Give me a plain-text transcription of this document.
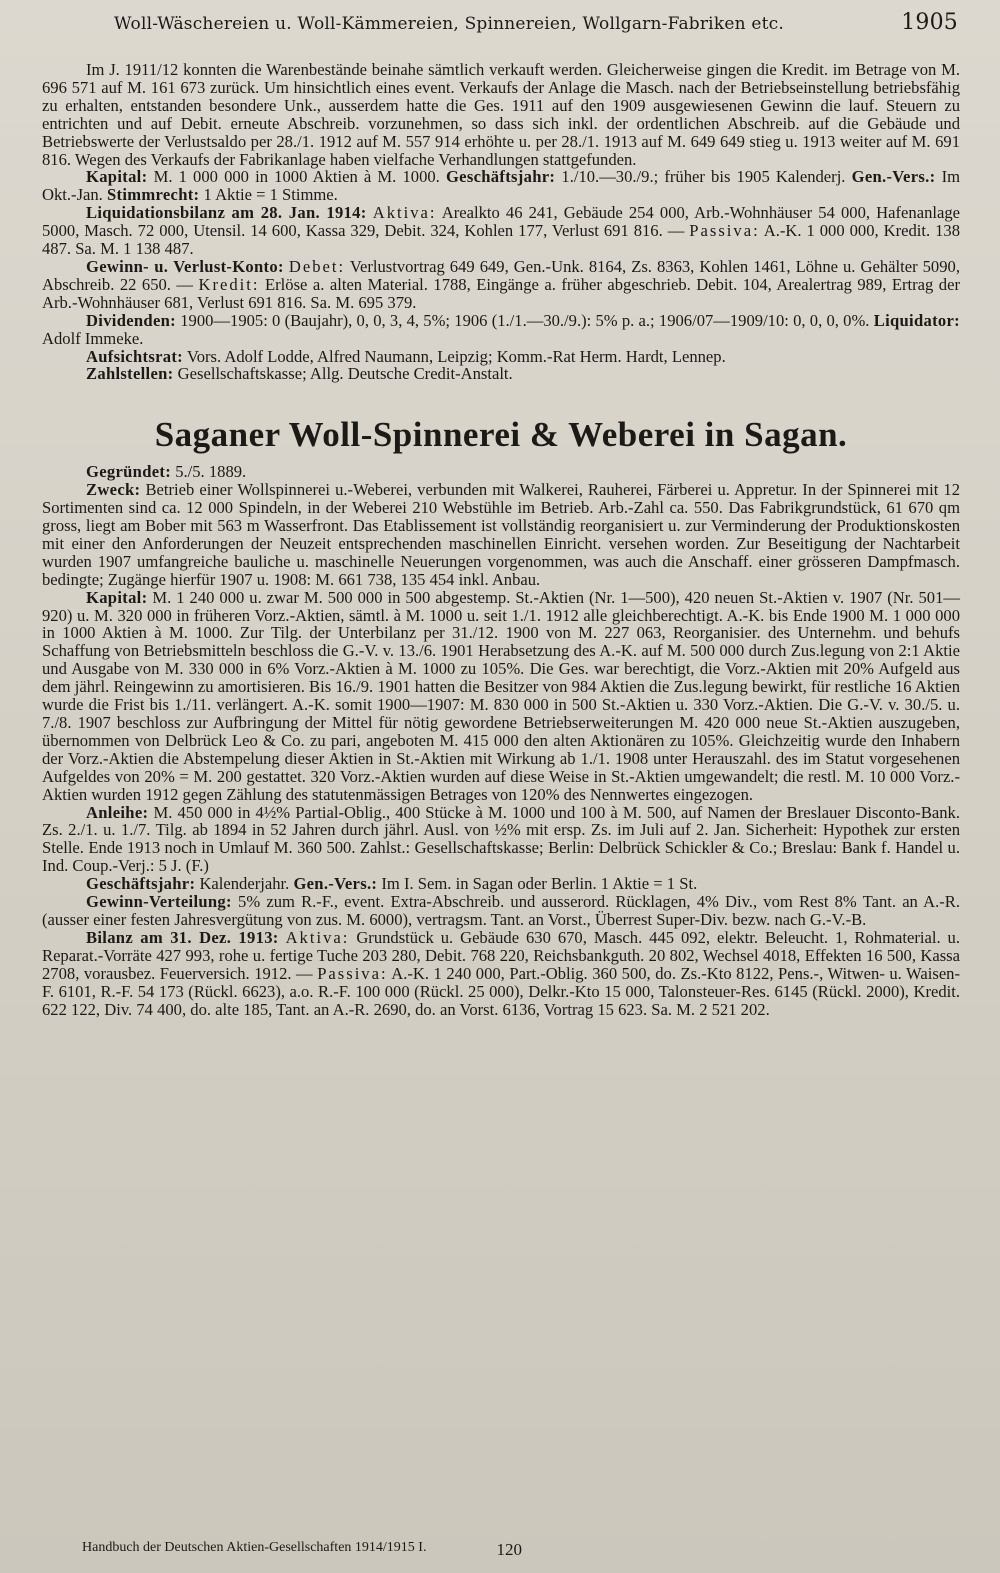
Woll-Wäschereien u. Woll-Kämmereien, Spinnereien, Wollgarn-Fabriken etc.	1905

Im J. 1911/12 konnten die Warenbestände beinahe sämtlich verkauft werden. Gleicherweise gingen die Kredit. im Betrage von M. 696 571 auf M. 161 673 zurück. Um hinsichtlich eines event. Verkaufs der Anlage die Masch. nach der Betriebseinstellung betriebsfähig zu erhalten, entstanden besondere Unk., ausserdem hatte die Ges. 1911 auf den 1909 ausgewiesenen Gewinn die lauf. Steuern zu entrichten und auf Debit. erneute Abschreib. vorzunehmen, so dass sich inkl. der ordentlichen Abschreib. auf die Gebäude und Betriebswerte der Verlustsaldo per 28./1. 1912 auf M. 557 914 erhöhte u. per 28./1. 1913 auf M. 649 649 stieg u. 1913 weiter auf M. 691 816. Wegen des Verkaufs der Fabrikanlage haben vielfache Verhandlungen stattgefunden.

Kapital: M. 1 000 000 in 1000 Aktien à M. 1000. Geschäftsjahr: 1./10.—30./9.; früher bis 1905 Kalenderj. Gen.-Vers.: Im Okt.-Jan. Stimmrecht: 1 Aktie = 1 Stimme.

Liquidationsbilanz am 28. Jan. 1914: Aktiva: Arealkto 46 241, Gebäude 254 000, Arb.-Wohnhäuser 54 000, Hafenanlage 5000, Masch. 72 000, Utensil. 14 600, Kassa 329, Debit. 324, Kohlen 177, Verlust 691 816. — Passiva: A.-K. 1 000 000, Kredit. 138 487. Sa. M. 1 138 487.

Gewinn- u. Verlust-Konto: Debet: Verlustvortrag 649 649, Gen.-Unk. 8164, Zs. 8363, Kohlen 1461, Löhne u. Gehälter 5090, Abschreib. 22 650. — Kredit: Erlöse a. alten Material. 1788, Eingänge a. früher abgeschrieb. Debit. 104, Arealertrag 989, Ertrag der Arb.-Wohnhäuser 681, Verlust 691 816. Sa. M. 695 379.

Dividenden: 1900—1905: 0 (Baujahr), 0, 0, 3, 4, 5%; 1906 (1./1.—30./9.): 5% p. a.; 1906/07—1909/10: 0, 0, 0, 0%. Liquidator: Adolf Immeke.

Aufsichtsrat: Vors. Adolf Lodde, Alfred Naumann, Leipzig; Komm.-Rat Herm. Hardt, Lennep.

Zahlstellen: Gesellschaftskasse; Allg. Deutsche Credit-Anstalt.

Saganer Woll-Spinnerei & Weberei in Sagan.

Gegründet: 5./5. 1889.

Zweck: Betrieb einer Wollspinnerei u.-Weberei, verbunden mit Walkerei, Rauherei, Färberei u. Appretur. In der Spinnerei mit 12 Sortimenten sind ca. 12 000 Spindeln, in der Weberei 210 Webstühle im Betrieb. Arb.-Zahl ca. 550. Das Fabrikgrundstück, 61 670 qm gross, liegt am Bober mit 563 m Wasserfront. Das Etablissement ist vollständig reorganisiert u. zur Verminderung der Produktionskosten mit einer den Anforderungen der Neuzeit entsprechenden maschinellen Einricht. versehen worden. Zur Beseitigung der Nachtarbeit wurden 1907 umfangreiche bauliche u. maschinelle Neuerungen vorgenommen, was auch die Anschaff. einer grösseren Dampfmasch. bedingte; Zugänge hierfür 1907 u. 1908: M. 661 738, 135 454 inkl. Anbau.

Kapital: M. 1 240 000 u. zwar M. 500 000 in 500 abgestemp. St.-Aktien (Nr. 1—500), 420 neuen St.-Aktien v. 1907 (Nr. 501—920) u. M. 320 000 in früheren Vorz.-Aktien, sämtl. à M. 1000 u. seit 1./1. 1912 alle gleichberechtigt. A.-K. bis Ende 1900 M. 1 000 000 in 1000 Aktien à M. 1000. Zur Tilg. der Unterbilanz per 31./12. 1900 von M. 227 063, Reorganisier. des Unternehm. und behufs Schaffung von Betriebsmitteln beschloss die G.-V. v. 13./6. 1901 Herabsetzung des A.-K. auf M. 500 000 durch Zus.legung von 2:1 Aktie und Ausgabe von M. 330 000 in 6% Vorz.-Aktien à M. 1000 zu 105%. Die Ges. war berechtigt, die Vorz.-Aktien mit 20% Aufgeld aus dem jährl. Reingewinn zu amortisieren. Bis 16./9. 1901 hatten die Besitzer von 984 Aktien die Zus.legung bewirkt, für restliche 16 Aktien wurde die Frist bis 1./11. verlängert. A.-K. somit 1900—1907: M. 830 000 in 500 St.-Aktien u. 330 Vorz.-Aktien. Die G.-V. v. 30./5. u. 7./8. 1907 beschloss zur Aufbringung der Mittel für nötig gewordene Betriebserweiterungen M. 420 000 neue St.-Aktien auszugeben, übernommen von Delbrück Leo & Co. zu pari, angeboten M. 415 000 den alten Aktionären zu 105%. Gleichzeitig wurde den Inhabern der Vorz.-Aktien die Abstempelung dieser Aktien in St.-Aktien mit Wirkung ab 1./1. 1908 unter Herauszahl. des im Statut vorgesehenen Aufgeldes von 20% = M. 200 gestattet. 320 Vorz.-Aktien wurden auf diese Weise in St.-Aktien umgewandelt; die restl. M. 10 000 Vorz.-Aktien wurden 1912 gegen Zählung des statutenmässigen Betrages von 120% des Nennwertes eingezogen.

Anleihe: M. 450 000 in 4½% Partial-Oblig., 400 Stücke à M. 1000 und 100 à M. 500, auf Namen der Breslauer Disconto-Bank. Zs. 2./1. u. 1./7. Tilg. ab 1894 in 52 Jahren durch jährl. Ausl. von ½% mit ersp. Zs. im Juli auf 2. Jan. Sicherheit: Hypothek zur ersten Stelle. Ende 1913 noch in Umlauf M. 360 500. Zahlst.: Gesellschaftskasse; Berlin: Delbrück Schickler & Co.; Breslau: Bank f. Handel u. Ind. Coup.-Verj.: 5 J. (F.)

Geschäftsjahr: Kalenderjahr. Gen.-Vers.: Im I. Sem. in Sagan oder Berlin. 1 Aktie = 1 St.

Gewinn-Verteilung: 5% zum R.-F., event. Extra-Abschreib. und ausserord. Rücklagen, 4% Div., vom Rest 8% Tant. an A.-R. (ausser einer festen Jahresvergütung von zus. M. 6000), vertragsm. Tant. an Vorst., Überrest Super-Div. bezw. nach G.-V.-B.

Bilanz am 31. Dez. 1913: Aktiva: Grundstück u. Gebäude 630 670, Masch. 445 092, elektr. Beleucht. 1, Rohmaterial. u. Reparat.-Vorräte 427 993, rohe u. fertige Tuche 203 280, Debit. 768 220, Reichsbankguth. 20 802, Wechsel 4018, Effekten 16 500, Kassa 2708, vorausbez. Feuerversich. 1912. — Passiva: A.-K. 1 240 000, Part.-Oblig. 360 500, do. Zs.-Kto 8122, Pens.-, Witwen- u. Waisen-F. 6101, R.-F. 54 173 (Rückl. 6623), a.o. R.-F. 100 000 (Rückl. 25 000), Delkr.-Kto 15 000, Talonsteuer-Res. 6145 (Rückl. 2000), Kredit. 622 122, Div. 74 400, do. alte 185, Tant. an A.-R. 2690, do. an Vorst. 6136, Vortrag 15 623. Sa. M. 2 521 202.

Handbuch der Deutschen Aktien-Gesellschaften 1914/1915 I.	120
